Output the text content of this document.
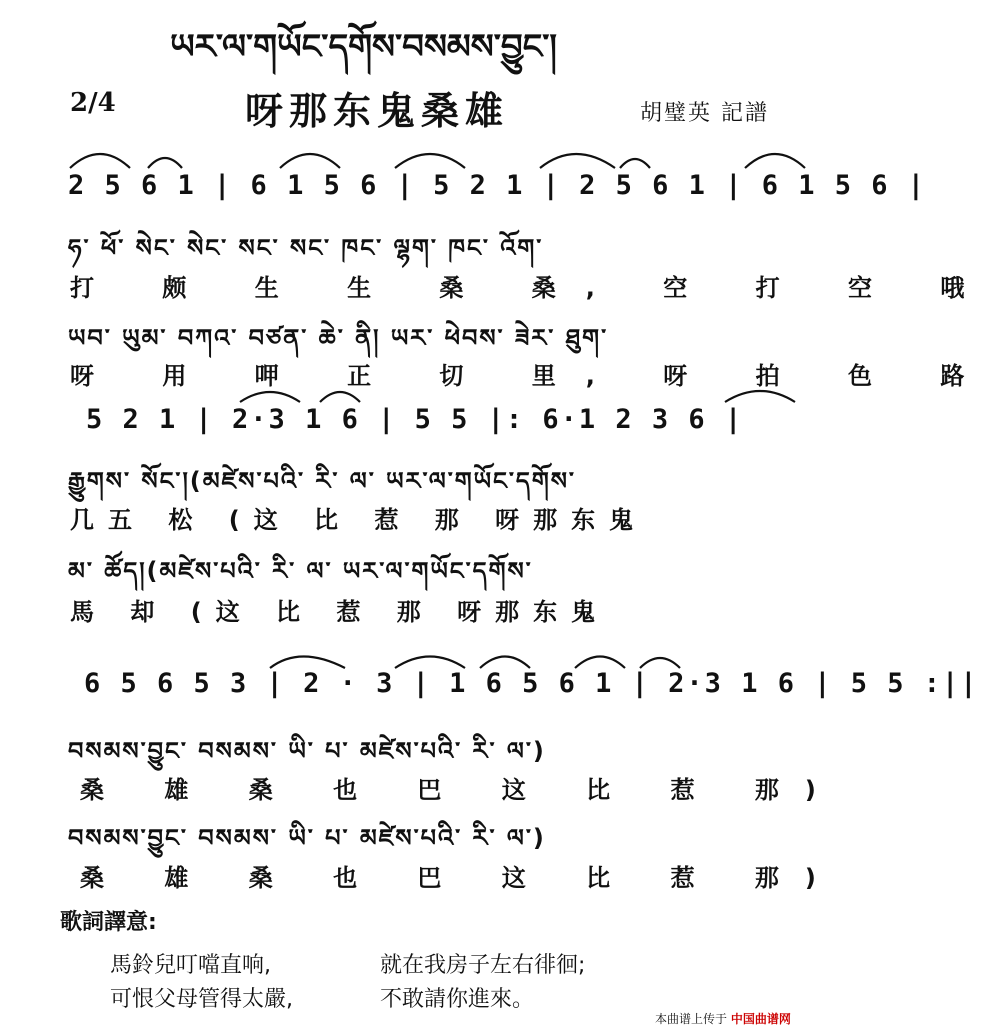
ཡར་ལ་གཡོང་དགོས་བསམས་བྱུང་།
2/4	呀那东鬼桑雄	胡璧英 記譜
2 5 6 1 | 6 1 5 6 | 5 2 1 | 2 5 6 1 | 6 1 5 6 |
ཧ་ ཕོ་ སེང་ སེང་ སང་ སང་ ཁང་ ལྷག་ ཁང་ འོག་
打 颇 生 生 桑 桑, 空 打 空 哦
ཡབ་ ཡུམ་ བཀའ་ བཙན་ ཆེ་ ནི། ཡར་ ཕེབས་ ཟེར་ ཐུག་
呀 用 呷 正 切 里, 呀 拍 色 路
5 2 1 | 2·3 1 6 | 5 5 |: 6·1 2 3 6 |
རྒྱུགས་ སོང་།(མཛེས་པའི་ རི་ ལ་ ཡར་ལ་གཡོང་དགོས་
几五 松 (这 比 惹 那 呀那东鬼
མ་ ཚོད།(མཛེས་པའི་ རི་ ལ་ ཡར་ལ་གཡོང་དགོས་
馬 却 (这 比 惹 那 呀那东鬼
6 5 6 5 3 | 2 · 3 | 1 6 5 6 1 | 2·3 1 6 | 5 5 :||
བསམས་བྱུང་ བསམས་ ཡི་ པ་ མཛེས་པའི་ རི་ ལ་)
桑 雄 桑 也 巴 这 比 惹 那)
བསམས་བྱུང་ བསམས་ ཡི་ པ་ མཛེས་པའི་ རི་ ལ་)
桑 雄 桑 也 巴 这 比 惹 那)
歌詞譯意:
馬鈴兒叮噹直响,	就在我房子左右徘徊;
可恨父母管得太嚴,	不敢請你進來。
本曲谱上传于 中国曲谱网
